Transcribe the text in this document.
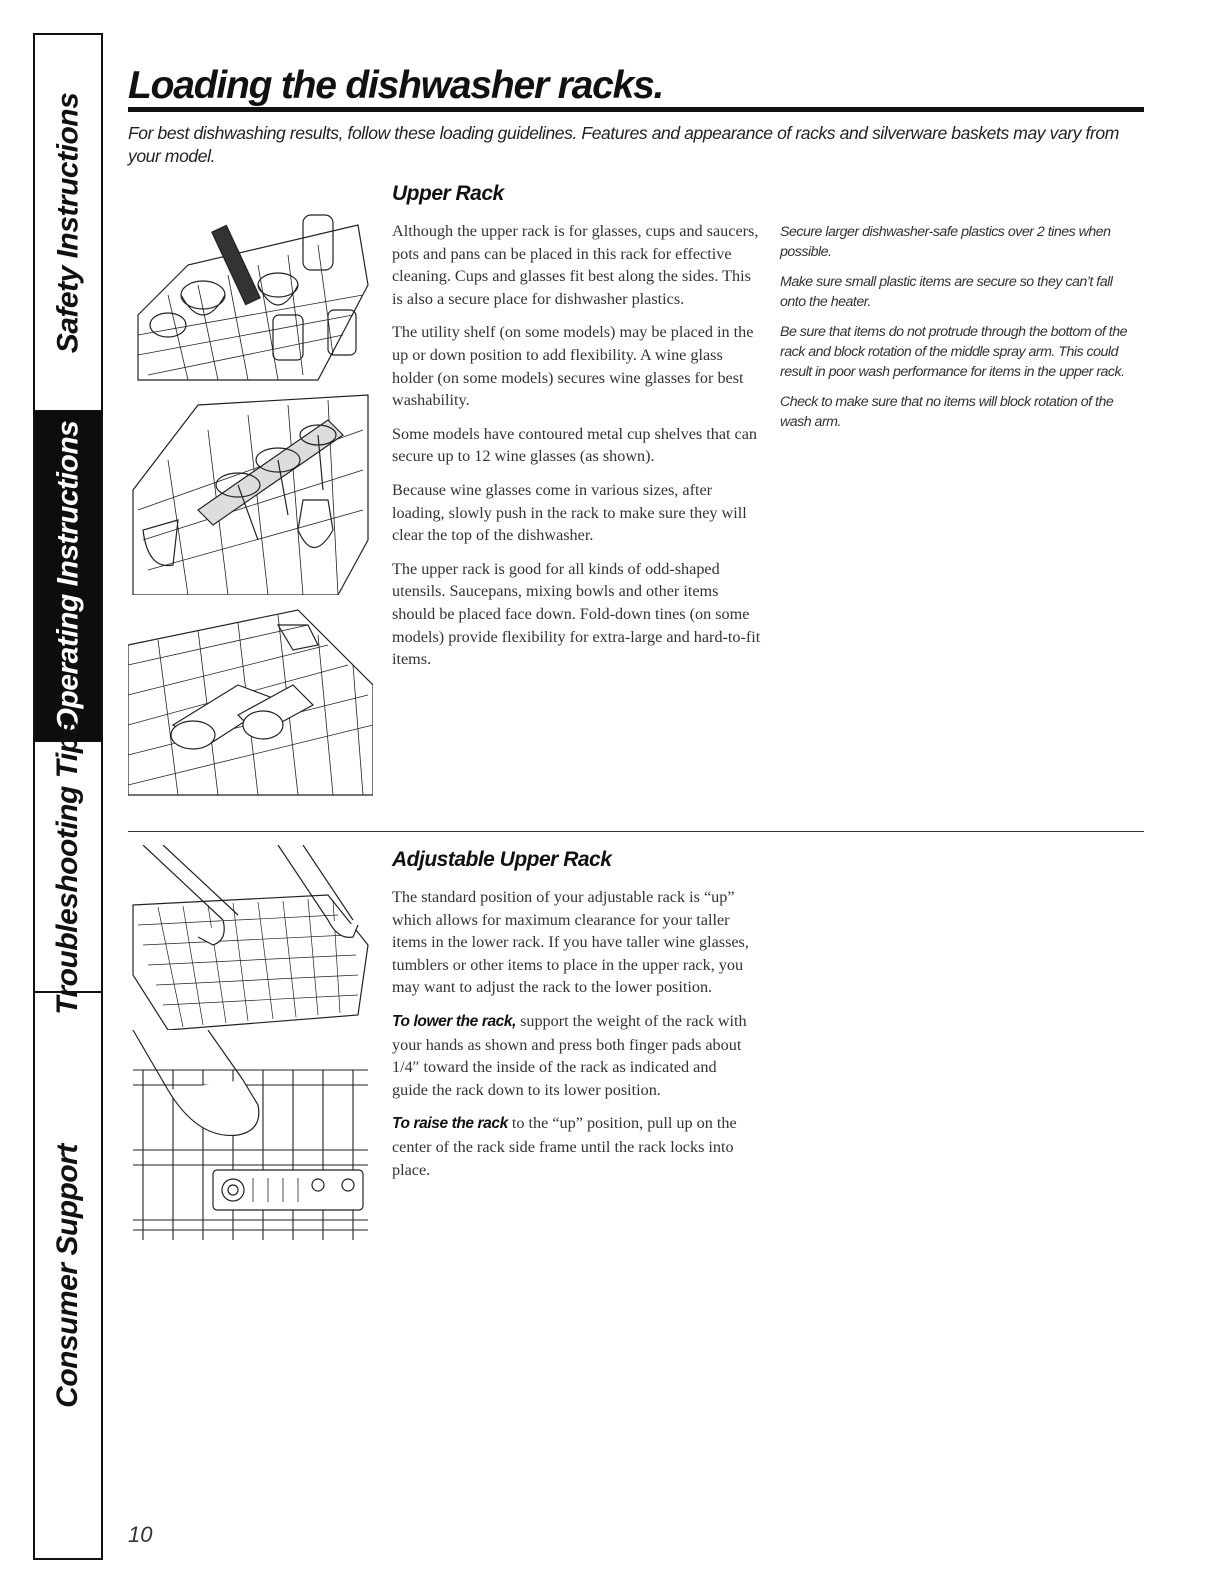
Safety Instructions
Operating Instructions
Troubleshooting Tips
Consumer Support
Loading the dishwasher racks.

For best dishwashing results, follow these loading guidelines. Features and appearance of racks and silverware baskets may vary from your model.

Upper Rack

Although the upper rack is for glasses, cups and saucers, pots and pans can be placed in this rack for effective cleaning. Cups and glasses fit best along the sides. This is also a secure place for dishwasher plastics.

The utility shelf (on some models) may be placed in the up or down position to add flexibility. A wine glass holder (on some models) secures wine glasses for best washability.

Some models have contoured metal cup shelves that can secure up to 12 wine glasses (as shown).

Because wine glasses come in various sizes, after loading, slowly push in the rack to make sure they will clear the top of the dishwasher.

The upper rack is good for all kinds of odd-shaped utensils. Saucepans, mixing bowls and other items should be placed face down. Fold-down tines (on some models) provide flexibility for extra-large and hard-to-fit items.

Secure larger dishwasher-safe plastics over 2 tines when possible.

Make sure small plastic items are secure so they can’t fall onto the heater.

Be sure that items do not protrude through the bottom of the rack and block rotation of the middle spray arm. This could result in poor wash performance for items in the upper rack.

Check to make sure that no items will block rotation of the wash arm.

Adjustable Upper Rack

The standard position of your adjustable rack is “up” which allows for maximum clearance for your taller items in the lower rack. If you have taller wine glasses, tumblers or other items to place in the upper rack, you may want to adjust the rack to the lower position.

To lower the rack, support the weight of the rack with your hands as shown and press both finger pads about 1/4″ toward the inside of the rack as indicated and guide the rack down to its lower position.

To raise the rack to the “up” position, pull up on the center of the rack side frame until the rack locks into place.

10
